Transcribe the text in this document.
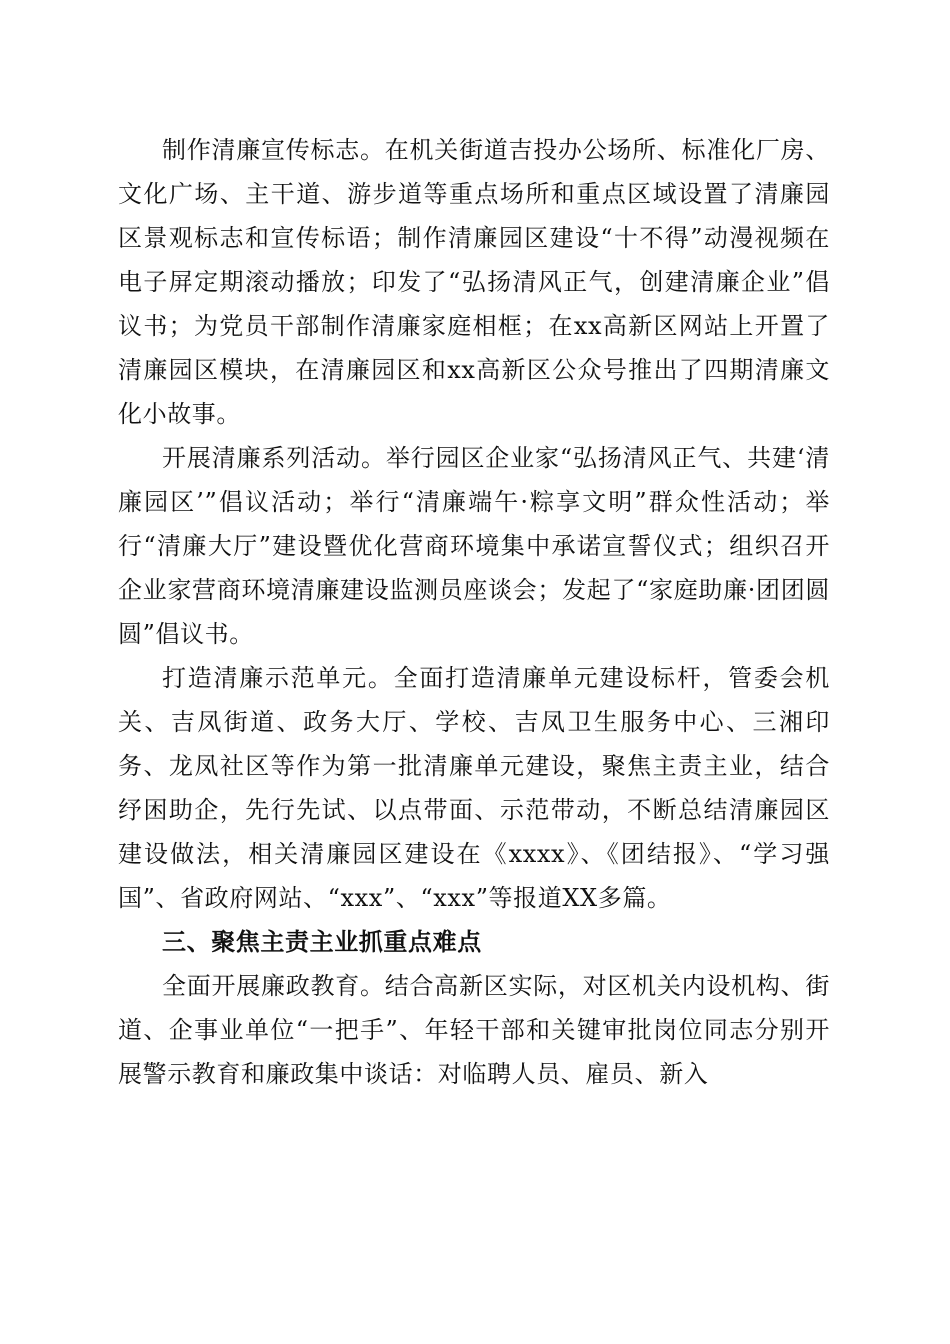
制作清廉宣传标志。在机关街道吉投办公场所、标准化厂房、文化广场、主干道、游步道等重点场所和重点区域设置了清廉园区景观标志和宣传标语；制作清廉园区建设“十不得”动漫视频在电子屏定期滚动播放；印发了“弘扬清风正气，创建清廉企业”倡议书；为党员干部制作清廉家庭相框；在xx高新区网站上开置了清廉园区模块，在清廉园区和xx高新区公众号推出了四期清廉文化小故事。

开展清廉系列活动。举行园区企业家“弘扬清风正气、共建‘清廉园区’”倡议活动；举行“清廉端午·粽享文明”群众性活动；举行“清廉大厅”建设暨优化营商环境集中承诺宣誓仪式；组织召开企业家营商环境清廉建设监测员座谈会；发起了“家庭助廉·团团圆圆”倡议书。

打造清廉示范单元。全面打造清廉单元建设标杆，管委会机关、吉凤街道、政务大厅、学校、吉凤卫生服务中心、三湘印务、龙凤社区等作为第一批清廉单元建设，聚焦主责主业，结合纾困助企，先行先试、以点带面、示范带动，不断总结清廉园区建设做法，相关清廉园区建设在《xxxx》、《团结报》、“学习强国”、省政府网站、“xxx”、“xxx”等报道XX多篇。

三、聚焦主责主业抓重点难点

全面开展廉政教育。结合高新区实际，对区机关内设机构、街道、企事业单位“一把手”、年轻干部和关键审批岗位同志分别开展警示教育和廉政集中谈话：对临聘人员、雇员、新入
